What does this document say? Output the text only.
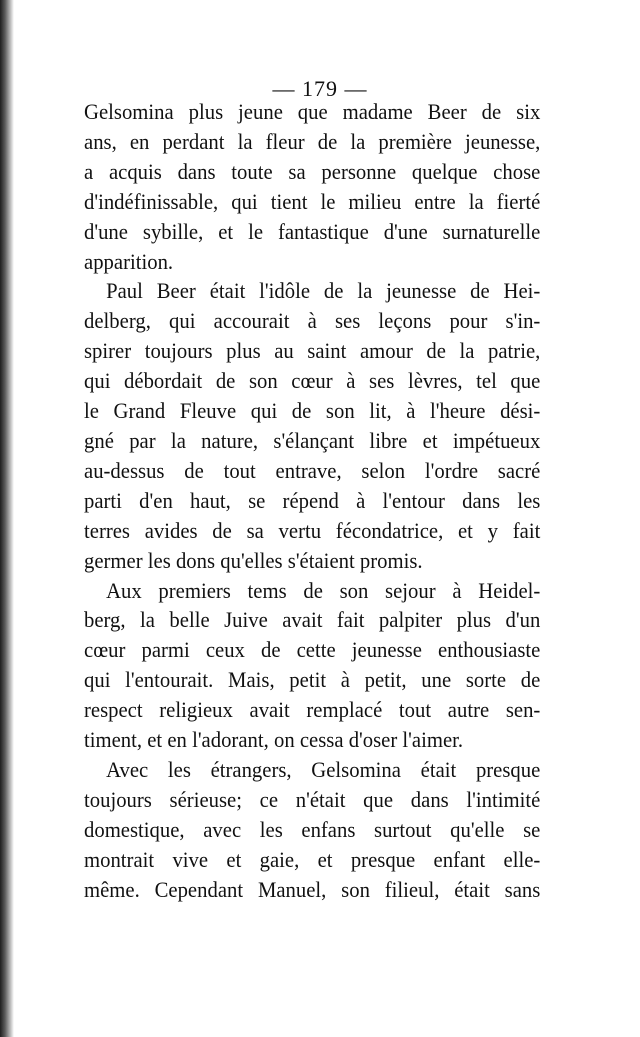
— 179 —
Gelsomina plus jeune que madame Beer de six
ans, en perdant la fleur de la première jeunesse,
a acquis dans toute sa personne quelque chose
d'indéfinissable, qui tient le milieu entre la fierté
d'une sybille, et le fantastique d'une surnaturelle
apparition.
Paul Beer était l'idôle de la jeunesse de Hei-
delberg, qui accourait à ses leçons pour s'in-
spirer toujours plus au saint amour de la patrie,
qui débordait de son cœur à ses lèvres, tel que
le Grand Fleuve qui de son lit, à l'heure dési-
gné par la nature, s'élançant libre et impétueux
au-dessus de tout entrave, selon l'ordre sacré
parti d'en haut, se répend à l'entour dans les
terres avides de sa vertu fécondatrice, et y fait
germer les dons qu'elles s'étaient promis.
Aux premiers tems de son sejour à Heidel-
berg, la belle Juive avait fait palpiter plus d'un
cœur parmi ceux de cette jeunesse enthousiaste
qui l'entourait. Mais, petit à petit, une sorte de
respect religieux avait remplacé tout autre sen-
timent, et en l'adorant, on cessa d'oser l'aimer.
Avec les étrangers, Gelsomina était presque
toujours sérieuse; ce n'était que dans l'intimité
domestique, avec les enfans surtout qu'elle se
montrait vive et gaie, et presque enfant elle-
même. Cependant Manuel, son filieul, était sans
